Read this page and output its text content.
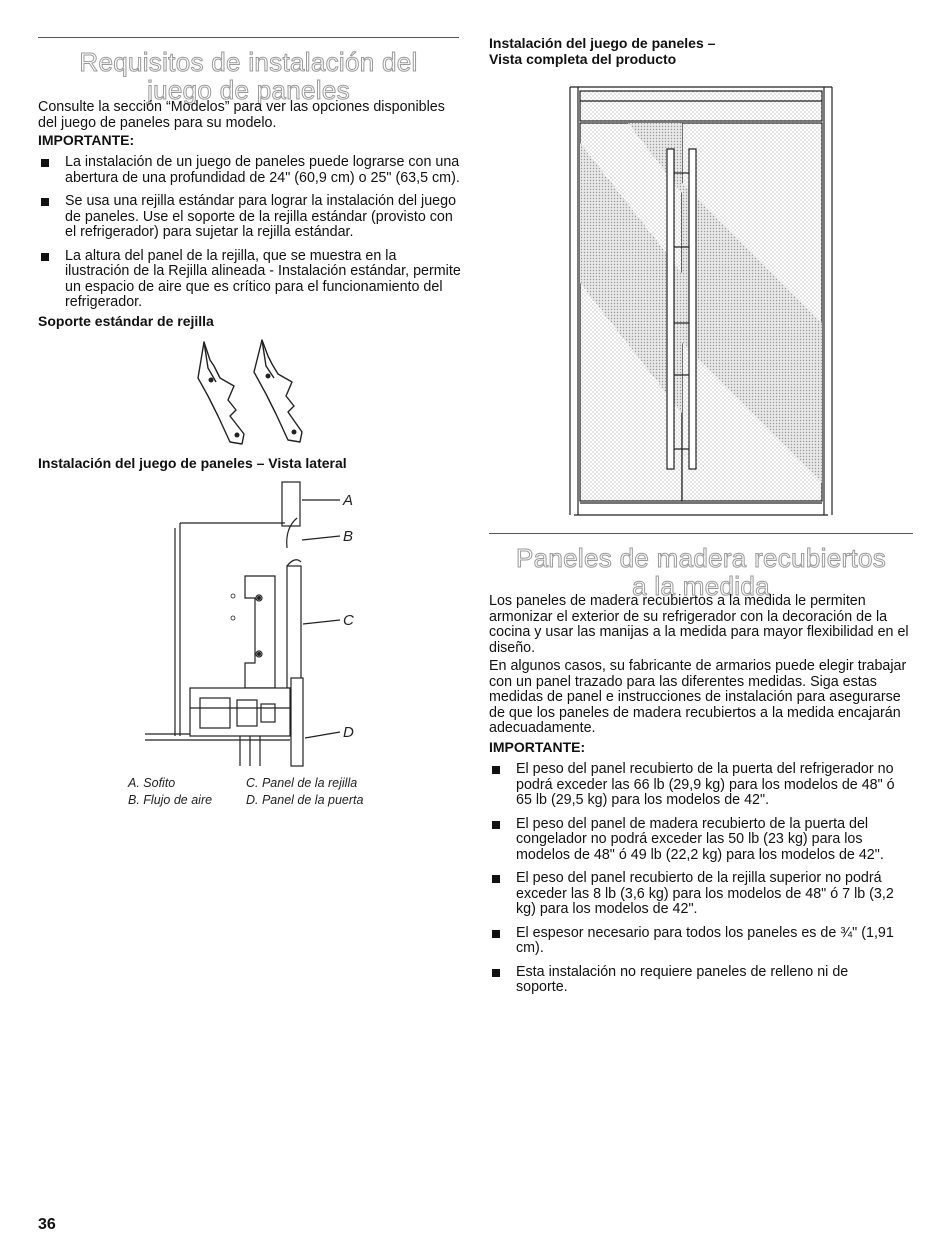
Requisitos de instalación del
juego de paneles
Consulte la sección “Modelos” para ver las opciones disponibles del juego de paneles para su modelo.
IMPORTANTE:
La instalación de un juego de paneles puede lograrse con una abertura de una profundidad de 24" (60,9 cm) o 25" (63,5 cm).
Se usa una rejilla estándar para lograr la instalación del juego de paneles. Use el soporte de la rejilla estándar (provisto con el refrigerador) para sujetar la rejilla estándar.
La altura del panel de la rejilla, que se muestra en la ilustración de la Rejilla alineada - Instalación estándar, permite un espacio de aire que es crítico para el funcionamiento del refrigerador.
Soporte estándar de rejilla
Instalación del juego de paneles – Vista lateral
A
B
C
D
A. Sofito
B. Flujo de aire
C. Panel de la rejilla
D. Panel de la puerta
36
Instalación del juego de paneles –
Vista completa del producto
Paneles de madera recubiertos
a la medida
Los paneles de madera recubiertos a la medida le permiten armonizar el exterior de su refrigerador con la decoración de la cocina y usar las manijas a la medida para mayor flexibilidad en el diseño.
En algunos casos, su fabricante de armarios puede elegir trabajar con un panel trazado para las diferentes medidas. Siga estas medidas de panel e instrucciones de instalación para asegurarse de que los paneles de madera recubiertos a la medida encajarán adecuadamente.
IMPORTANTE:
El peso del panel recubierto de la puerta del refrigerador no podrá exceder las 66 lb (29,9 kg) para los modelos de 48" ó 65 lb (29,5 kg) para los modelos de 42".
El peso del panel de madera recubierto de la puerta del congelador no podrá exceder las 50 lb (23 kg) para los modelos de 48" ó 49 lb (22,2 kg) para los modelos de 42".
El peso del panel recubierto de la rejilla superior no podrá exceder las 8 lb (3,6 kg) para los modelos de 48" ó 7 lb (3,2 kg) para los modelos de 42".
El espesor necesario para todos los paneles es de ¾" (1,91 cm).
Esta instalación no requiere paneles de relleno ni de soporte.
